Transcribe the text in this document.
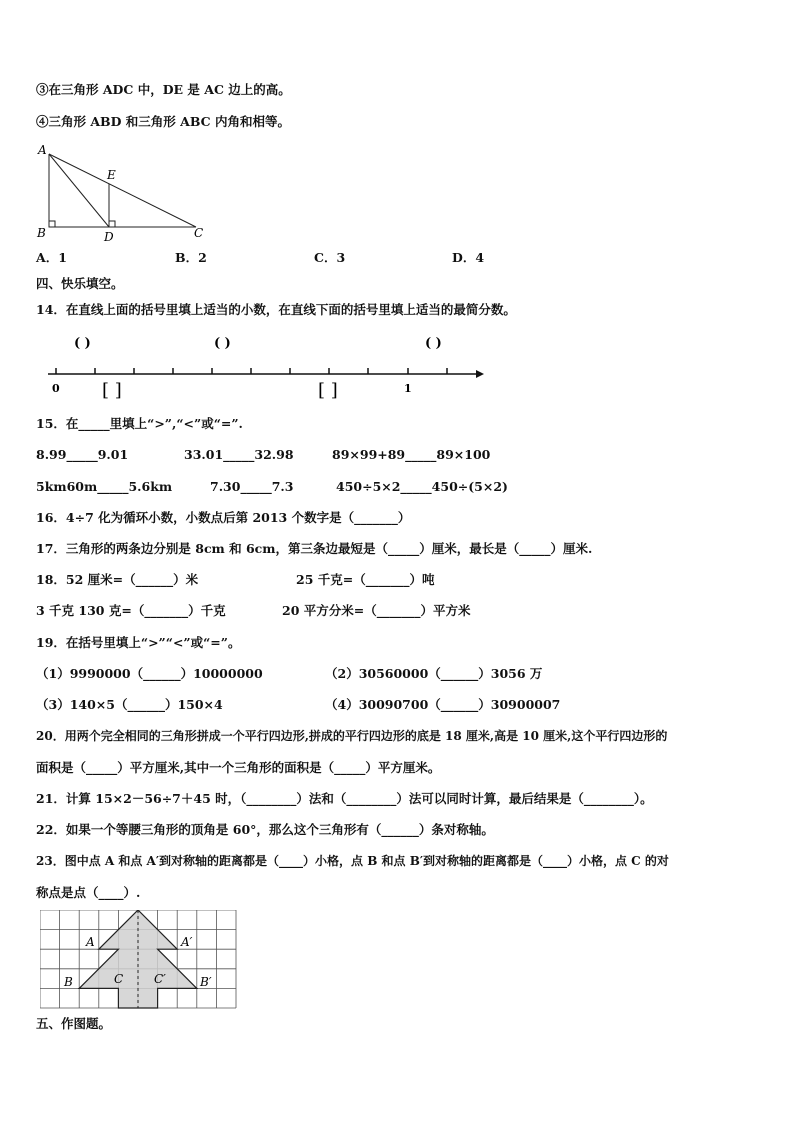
③在三角形 ADC 中，DE 是 AC 边上的高。
④三角形 ABD 和三角形 ABC 内角和相等。
A
B	C
D
E
A．1	B．2	C．3	D．4
四、快乐填空。
14．在直线上面的括号里填上适当的小数，在直线下面的括号里填上适当的最简分数。
0	1
( )	( )	( )
[ ]	[ ]
15．在_____里填上“>”,“<”或“=”.
8.99_____9.01	33.01_____32.98	89×99+89_____89×100
5km60m_____5.6km	7.30_____7.3	450÷5×2_____450÷(5×2)
16．4÷7 化为循环小数，小数点后第 2013 个数字是（_______）
17．三角形的两条边分别是 8cm 和 6cm，第三条边最短是（_____）厘米，最长是（_____）厘米.
18．52 厘米=（______）米	25 千克=（_______）吨
3 千克 130 克=（_______）千克	20 平方分米=（_______）平方米
19．在括号里填上“>”“<”或“=”。
（1）9990000（______）10000000	（2）30560000（______）3056 万
（3）140×5（______）150×4	（4）30090700（______）30900007
20．用两个完全相同的三角形拼成一个平行四边形,拼成的平行四边形的底是 18 厘米,高是 10 厘米,这个平行四边形的
面积是（_____）平方厘米,其中一个三角形的面积是（_____）平方厘米。
21．计算 15×2－56÷7＋45 时，（________）法和（________）法可以同时计算，最后结果是（________）。
22．如果一个等腰三角形的顶角是 60°，那么这个三角形有（______）条对称轴。
23．图中点 A 和点 A′到对称轴的距离都是（____）小格，点 B 和点 B′到对称轴的距离都是（____）小格，点 C 的对
称点是点（____）.
A	A′
B	B′
C	C′
五、作图题。
